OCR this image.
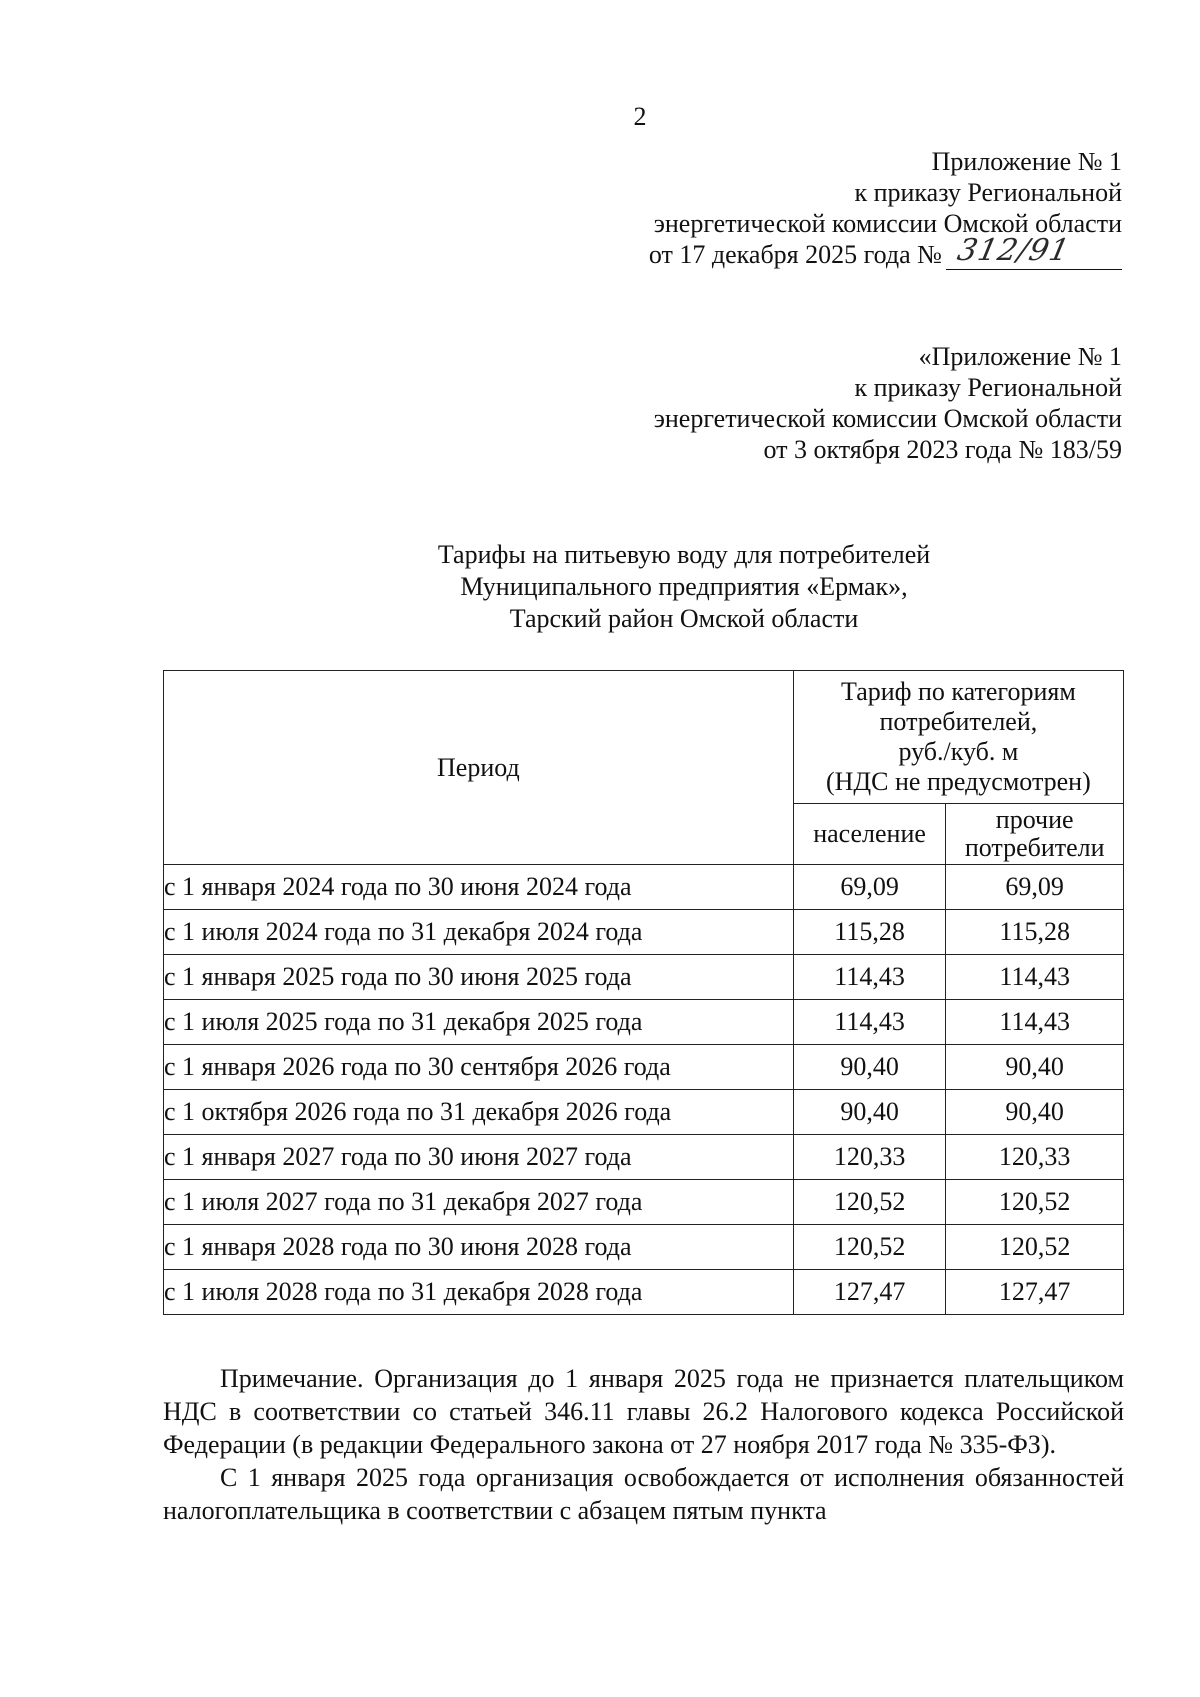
2
Приложение № 1
к приказу Региональной
энергетической комиссии Омской области
от 17 декабря 2025 года № 312/91
«Приложение № 1
к приказу Региональной
энергетической комиссии Омской области
от 3 октября 2023 года № 183/59
Тарифы на питьевую воду для потребителей
Муниципального предприятия «Ермак»,
Тарский район Омской области
Период	Тариф по категориям
потребителей,
руб./куб. м
(НДС не предусмотрен)	

	население	прочие
потребители

с 1 января 2024 года по 30 июня 2024 года	69,09	69,09
с 1 июля 2024 года по 31 декабря 2024 года	115,28	115,28
с 1 января 2025 года по 30 июня 2025 года	114,43	114,43
с 1 июля 2025 года по 31 декабря 2025 года	114,43	114,43
с 1 января 2026 года по 30 сентября 2026 года	90,40	90,40
с 1 октября 2026 года по 31 декабря 2026 года	90,40	90,40
с 1 января 2027 года по 30 июня 2027 года	120,33	120,33
с 1 июля 2027 года по 31 декабря 2027 года	120,52	120,52
с 1 января 2028 года по 30 июня 2028 года	120,52	120,52
с 1 июля 2028 года по 31 декабря 2028 года	127,47	127,47

Примечание. Организация до 1 января 2025 года не признается плательщиком НДС в соответствии со статьей 346.11 главы 26.2 Налогового кодекса Российской Федерации (в редакции Федерального закона от 27 ноября 2017 года № 335-ФЗ).

С 1 января 2025 года организация освобождается от исполнения обязанностей налогоплательщика в соответствии с абзацем пятым пункта
